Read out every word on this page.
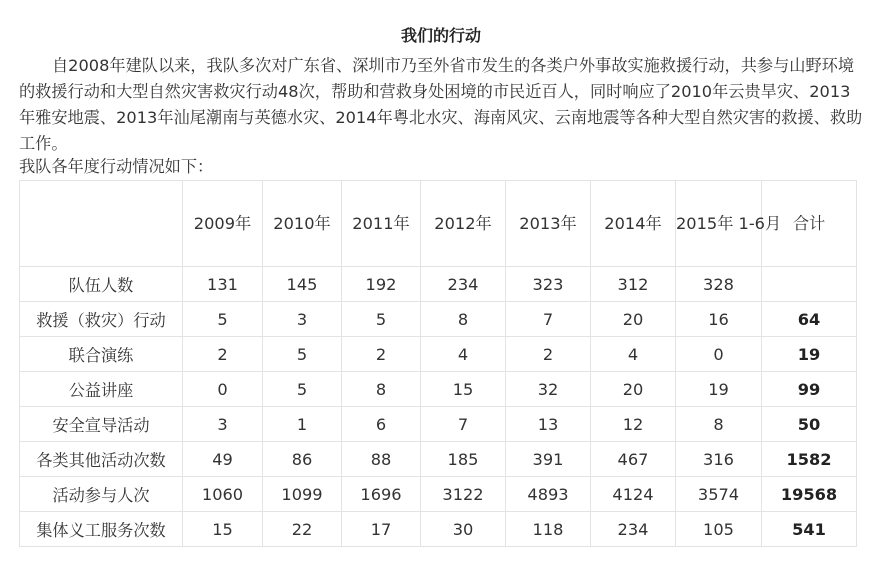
我们的行动

自2008年建队以来，我队多次对广东省、深圳市乃至外省市发生的各类户外事故实施救援行动，共参与山野环境的救援行动和大型自然灾害救灾行动48次，帮助和营救身处困境的市民近百人，同时响应了2010年云贵旱灾、2013年雅安地震、2013年汕尾潮南与英德水灾、2014年粤北水灾、海南风灾、云南地震等各种大型自然灾害的救援、救助工作。

我队各年度行动情况如下：

	2009年	2010年	2011年	2012年	2013年	2014年	2015年 1-6月	合计
队伍人数	131	145	192	234	323	312	328	
救援（救灾）行动	5	3	5	8	7	20	16	64
联合演练	2	5	2	4	2	4	0	19
公益讲座	0	5	8	15	32	20	19	99
安全宣导活动	3	1	6	7	13	12	8	50
各类其他活动次数	49	86	88	185	391	467	316	1582
活动参与人次	1060	1099	1696	3122	4893	4124	3574	19568
集体义工服务次数	15	22	17	30	118	234	105	541
